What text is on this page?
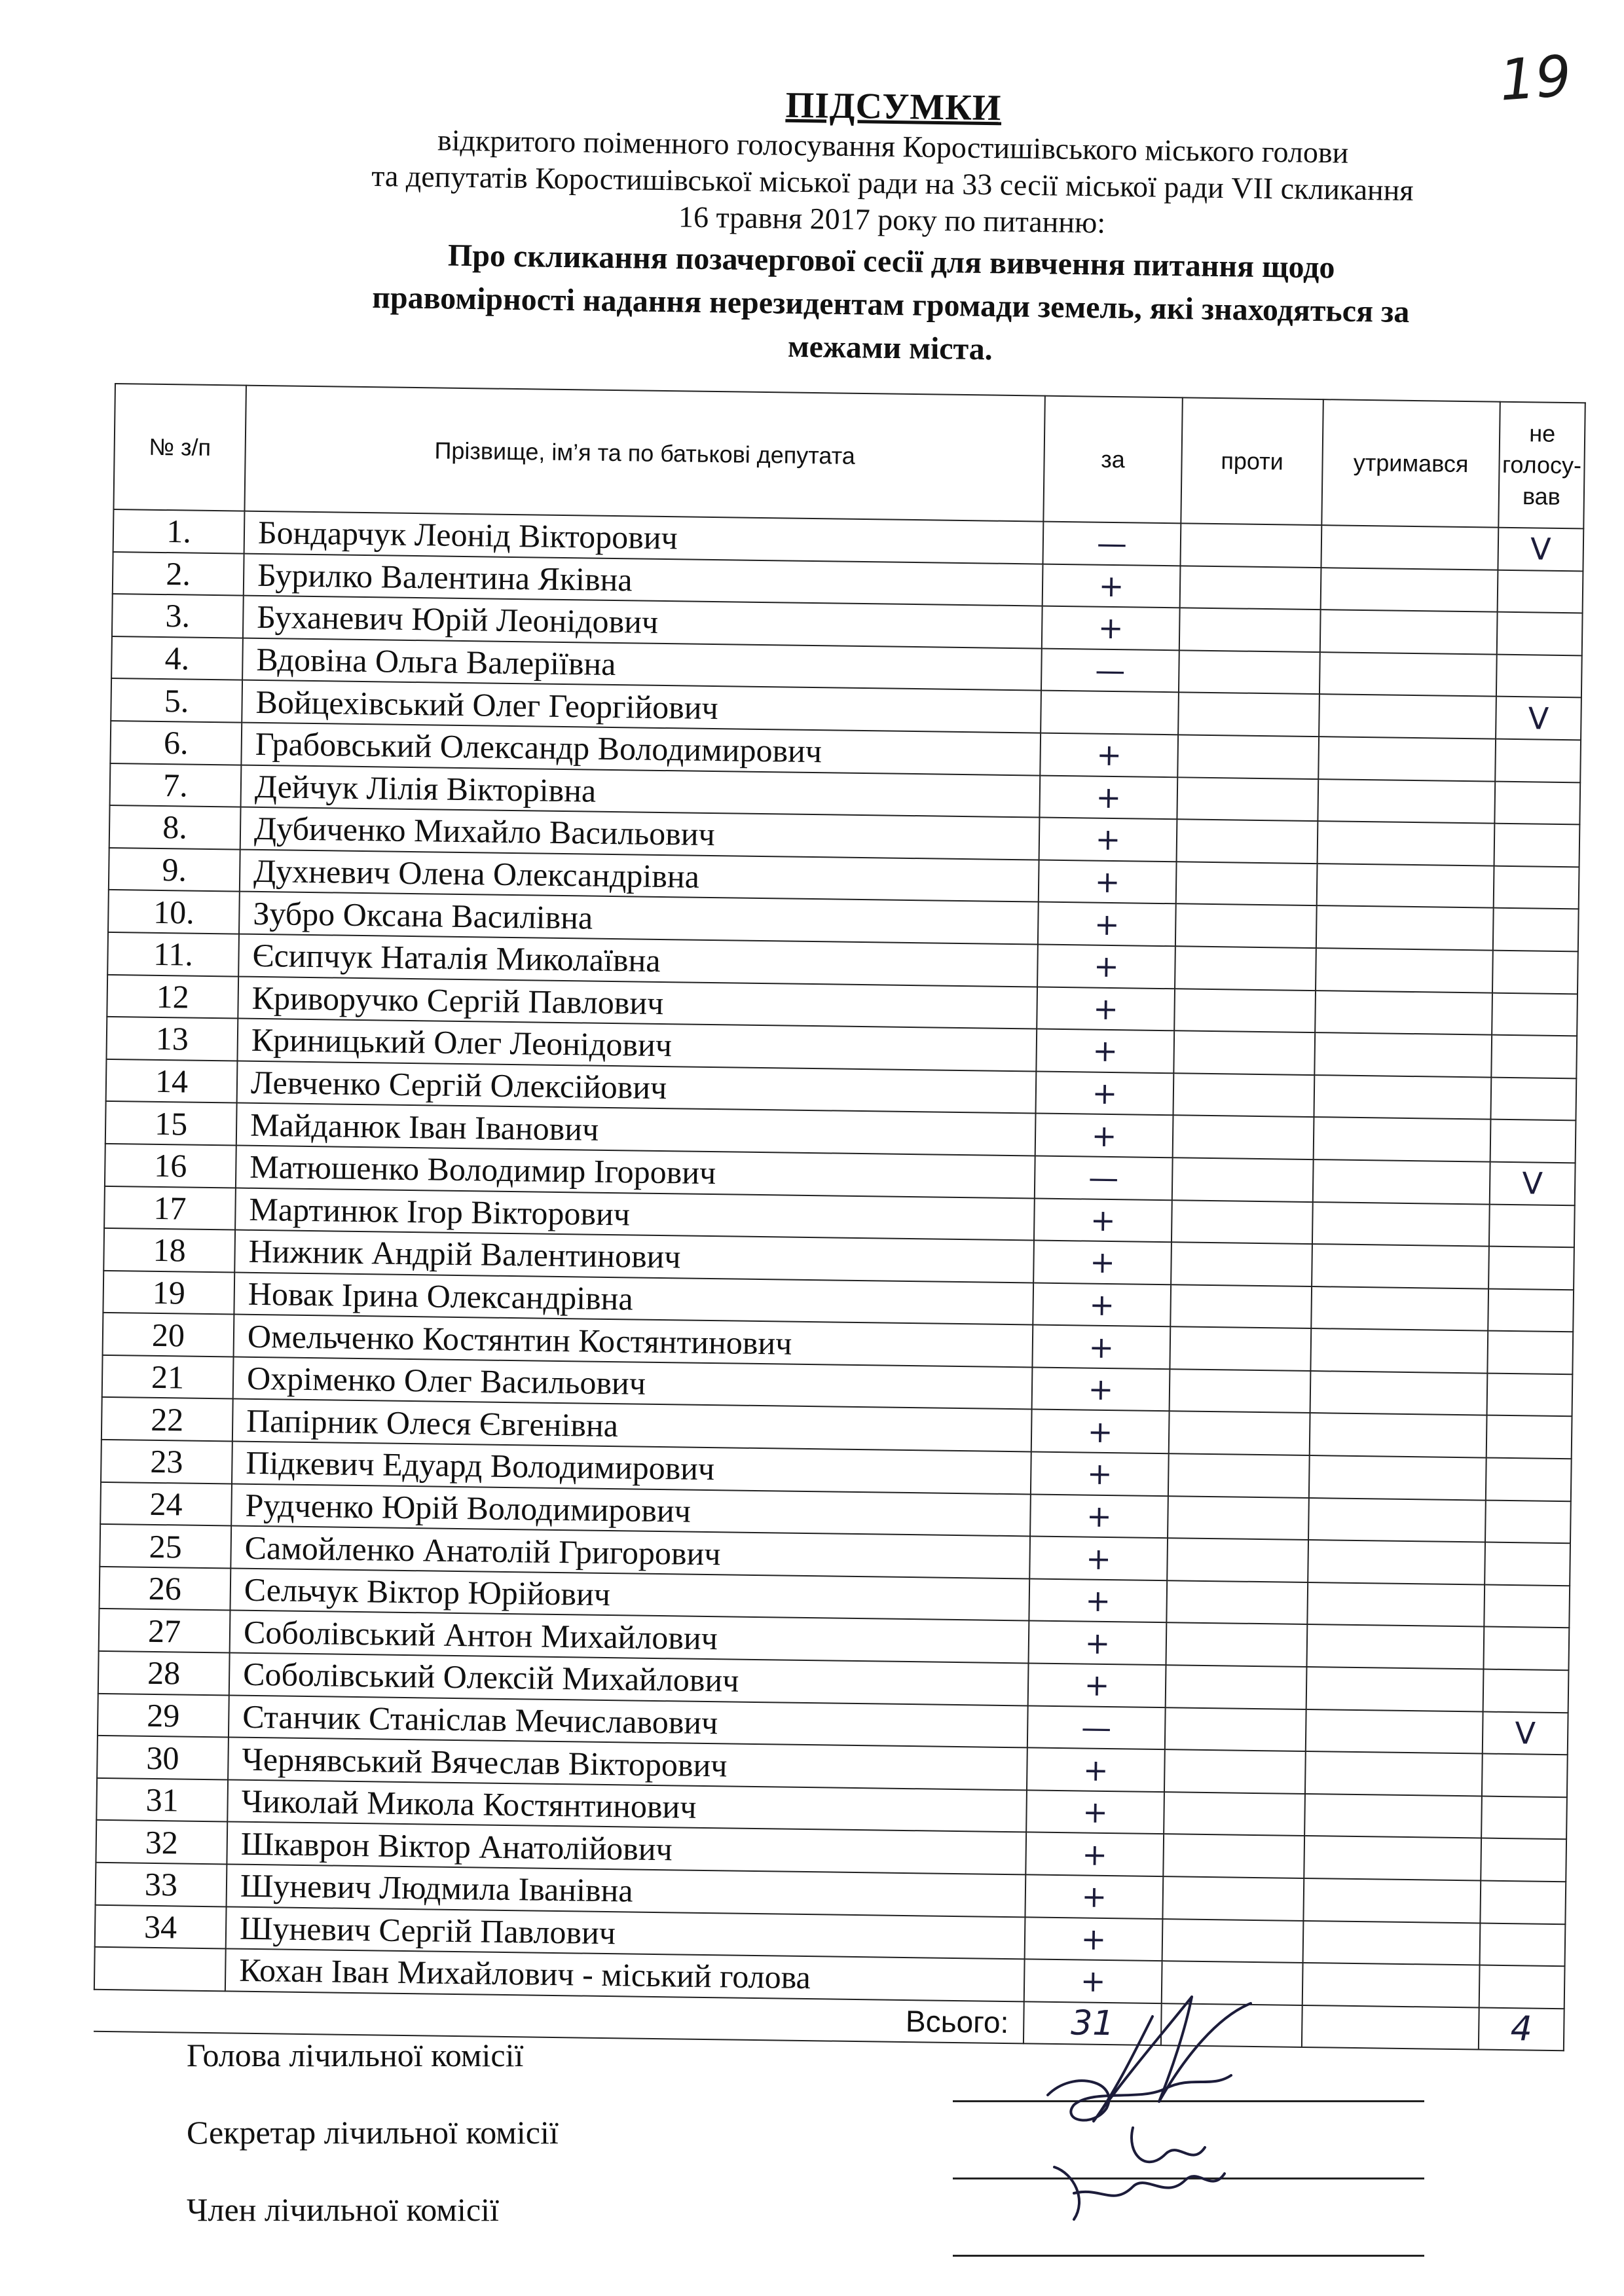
19
ПІДСУМКИ
відкритого поіменного голосування Коростишівського міського голови
та депутатів Коростишівської міської ради на 33 сесії міської ради VII скликання
16 травня 2017 року по питанню:
Про скликання позачергової сесії для вивчення питання щодо
правомірності надання нерезидентам громади земель, які знаходяться за
межами міста.
№ з/п	Прізвище, ім’я та по батькові депутата	за	проти	утримався	не голосу-вав
1.	Бондарчук Леонід Вікторович	—			V
2.	Бурилко Валентина Яківна	+			
3.	Буханевич Юрій Леонідович	+			
4.	Вдовіна Ольга Валеріївна	—			
5.	Войцехівський Олег Георгійович				V
6.	Грабовський Олександр Володимирович	+			
7.	Дейчук Лілія Вікторівна	+			
8.	Дубиченко Михайло Васильович	+			
9.	Духневич Олена Олександрівна	+			
10.	Зубро Оксана Василівна	+			
11.	Єсипчук Наталія Миколаївна	+			
12	Криворучко Сергій Павлович	+			
13	Криницький Олег Леонідович	+			
14	Левченко Сергій Олексійович	+			
15	Майданюк Іван Іванович	+			
16	Матюшенко Володимир Ігорович	—			V
17	Мартинюк Ігор Вікторович	+			
18	Нижник Андрій Валентинович	+			
19	Новак Ірина Олександрівна	+			
20	Омельченко Костянтин Костянтинович	+			
21	Охріменко Олег Васильович	+			
22	Папірник Олеся Євгенівна	+			
23	Підкевич Едуард Володимирович	+			
24	Рудченко Юрій Володимирович	+			
25	Самойленко Анатолій Григорович	+			
26	Сельчук Віктор Юрійович	+			
27	Соболівський Антон Михайлович	+			
28	Соболівський Олексій Михайлович	+			
29	Станчик Станіслав Мечиславович	—			V
30	Чернявський Вячеслав Вікторович	+			
31	Чиколай Микола Костянтинович	+			
32	Шкаврон Віктор Анатолійович	+			
33	Шуневич Людмила Іванівна	+			
34	Шуневич Сергій Павлович	+			
	Кохан Іван Михайлович - міський голова	+			
Всього:		31			4
Голова лічильної комісії
Секретар лічильної комісії
Член лічильної комісії
